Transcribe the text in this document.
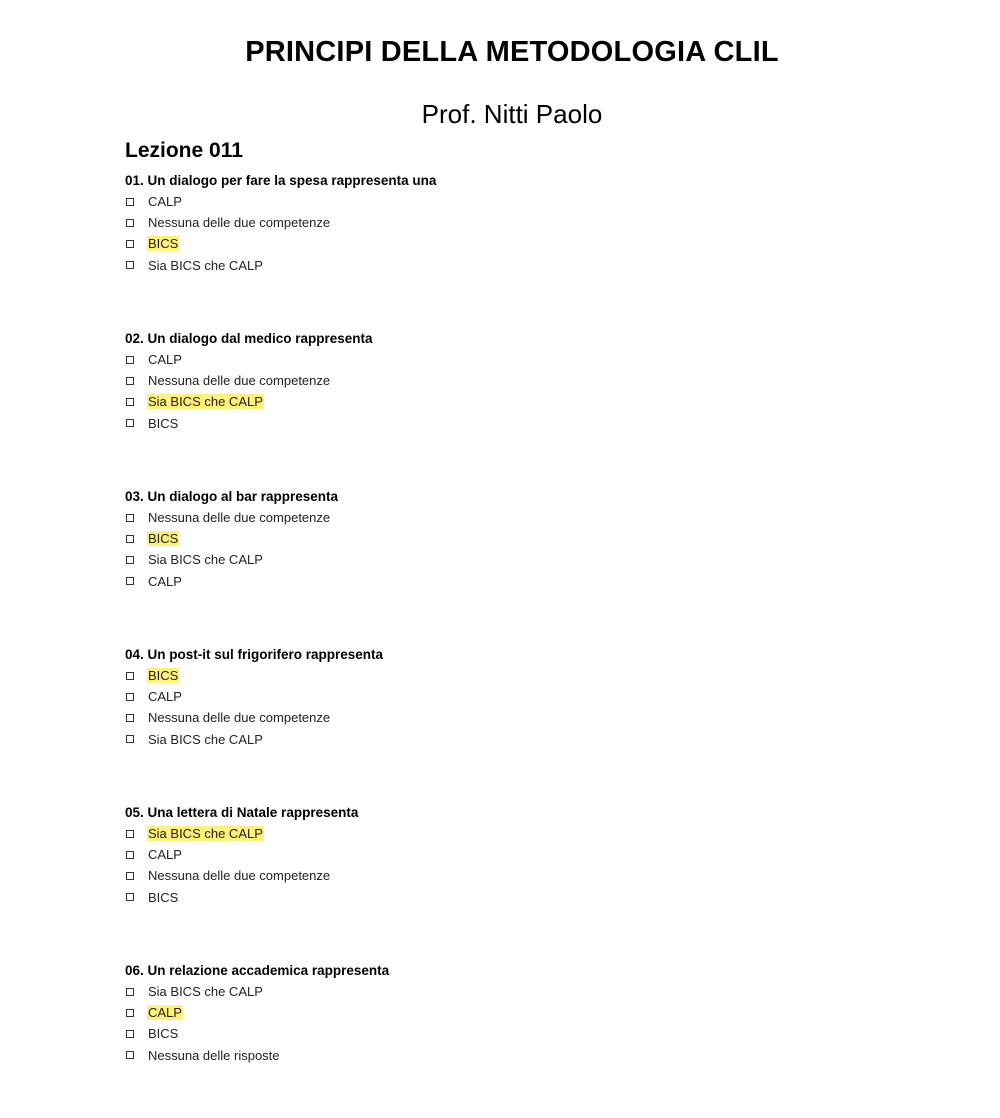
PRINCIPI DELLA METODOLOGIA CLIL
Prof. Nitti Paolo
Lezione 011
01. Un dialogo per fare la spesa rappresenta una
CALP
Nessuna delle due competenze
BICS
Sia BICS che CALP
02. Un dialogo dal medico rappresenta
CALP
Nessuna delle due competenze
Sia BICS che CALP
BICS
03. Un dialogo al bar rappresenta
Nessuna delle due competenze
BICS
Sia BICS che CALP
CALP
04. Un post-it sul frigorifero rappresenta
BICS
CALP
Nessuna delle due competenze
Sia BICS che CALP
05. Una lettera di Natale rappresenta
Sia BICS che CALP
CALP
Nessuna delle due competenze
BICS
06. Un relazione accademica rappresenta
Sia BICS che CALP
CALP
BICS
Nessuna delle risposte
